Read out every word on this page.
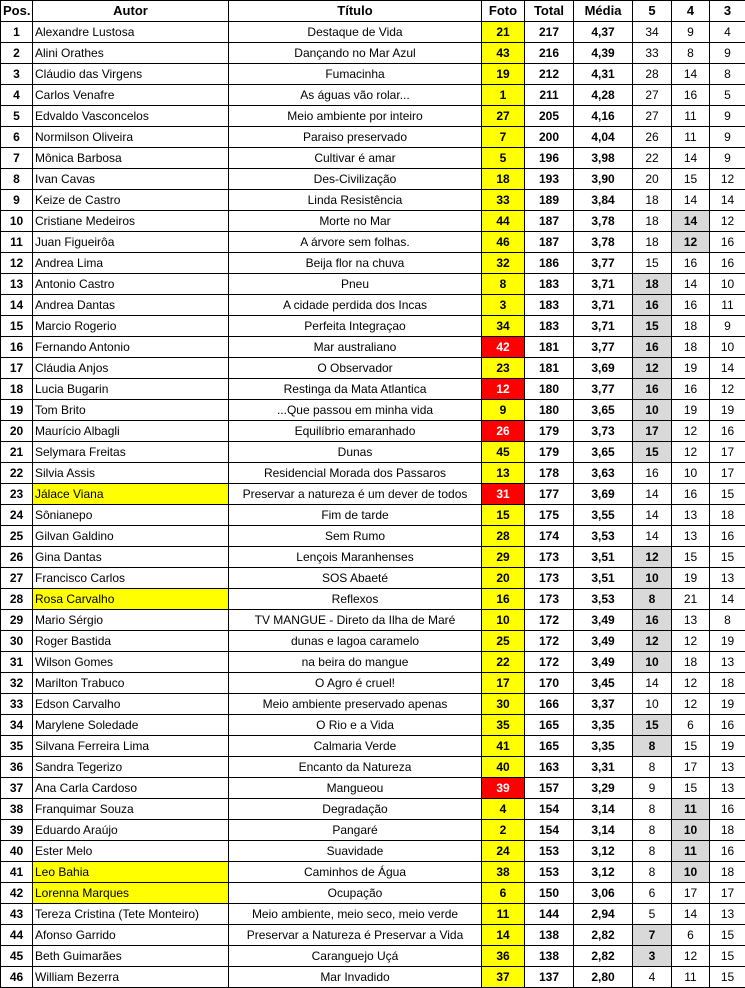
Pos.	Autor	Título	Foto	Total	Média	5	4	3
1	Alexandre Lustosa	Destaque de Vida	21	217	4,37	34	9	4
2	Alini Orathes	Dançando no Mar Azul	43	216	4,39	33	8	9
3	Cláudio das Virgens	Fumacinha	19	212	4,31	28	14	8
4	Carlos Venafre	As águas vão rolar...	1	211	4,28	27	16	5
5	Edvaldo Vasconcelos	Meio ambiente por inteiro	27	205	4,16	27	11	9
6	Normilson Oliveira	Paraiso preservado	7	200	4,04	26	11	9
7	Mônica Barbosa	Cultivar é amar	5	196	3,98	22	14	9
8	Ivan Cavas	Des-Civilização	18	193	3,90	20	15	12
9	Keize de Castro	Linda Resistência	33	189	3,84	18	14	14
10	Cristiane Medeiros	Morte no Mar	44	187	3,78	18	14	12
11	Juan Figueirôa	A árvore sem folhas.	46	187	3,78	18	12	16
12	Andrea Lima	Beija flor na chuva	32	186	3,77	15	16	16
13	Antonio Castro	Pneu	8	183	3,71	18	14	10
14	Andrea Dantas	A cidade perdida dos Incas	3	183	3,71	16	16	11
15	Marcio Rogerio	Perfeita Integraçao	34	183	3,71	15	18	9
16	Fernando Antonio	Mar australiano	42	181	3,77	16	18	10
17	Cláudia Anjos	O Observador	23	181	3,69	12	19	14
18	Lucia Bugarin	Restinga da Mata Atlantica	12	180	3,77	16	16	12
19	Tom Brito	...Que passou em minha vida	9	180	3,65	10	19	19
20	Maurício Albagli	Equilíbrio emaranhado	26	179	3,73	17	12	16
21	Selymara Freitas	Dunas	45	179	3,65	15	12	17
22	Silvia Assis	Residencial Morada dos Passaros	13	178	3,63	16	10	17
23	Jálace Viana	Preservar a natureza é um dever de todos	31	177	3,69	14	16	15
24	Sônianepo	Fim de tarde	15	175	3,55	14	13	18
25	Gilvan Galdino	Sem Rumo	28	174	3,53	14	13	16
26	Gina Dantas	Lençois Maranhenses	29	173	3,51	12	15	15
27	Francisco Carlos	SOS Abaeté	20	173	3,51	10	19	13
28	Rosa Carvalho	Reflexos	16	173	3,53	8	21	14
29	Mario Sérgio	TV MANGUE - Direto da Ilha de Maré	10	172	3,49	16	13	8
30	Roger Bastida	dunas e lagoa caramelo	25	172	3,49	12	12	19
31	Wilson Gomes	na beira do mangue	22	172	3,49	10	18	13
32	Marilton Trabuco	O Agro é cruel!	17	170	3,45	14	12	18
33	Edson Carvalho	Meio ambiente preservado apenas	30	166	3,37	10	12	19
34	Marylene Soledade	O Rio e a Vida	35	165	3,35	15	6	16
35	Silvana Ferreira Lima	Calmaria Verde	41	165	3,35	8	15	19
36	Sandra Tegerizo	Encanto da Natureza	40	163	3,31	8	17	13
37	Ana Carla Cardoso	Mangueou	39	157	3,29	9	15	13
38	Franquimar Souza	Degradação	4	154	3,14	8	11	16
39	Eduardo Araújo	Pangaré	2	154	3,14	8	10	18
40	Ester Melo	Suavidade	24	153	3,12	8	11	16
41	Leo Bahia	Caminhos de Água	38	153	3,12	8	10	18
42	Lorenna Marques	Ocupação	6	150	3,06	6	17	17
43	Tereza Cristina (Tete Monteiro)	Meio ambiente, meio seco, meio verde	11	144	2,94	5	14	13
44	Afonso Garrido	Preservar a Natureza é Preservar a Vida	14	138	2,82	7	6	15
45	Beth Guimarães	Caranguejo Uçá	36	138	2,82	3	12	15
46	William Bezerra	Mar Invadido	37	137	2,80	4	11	15
